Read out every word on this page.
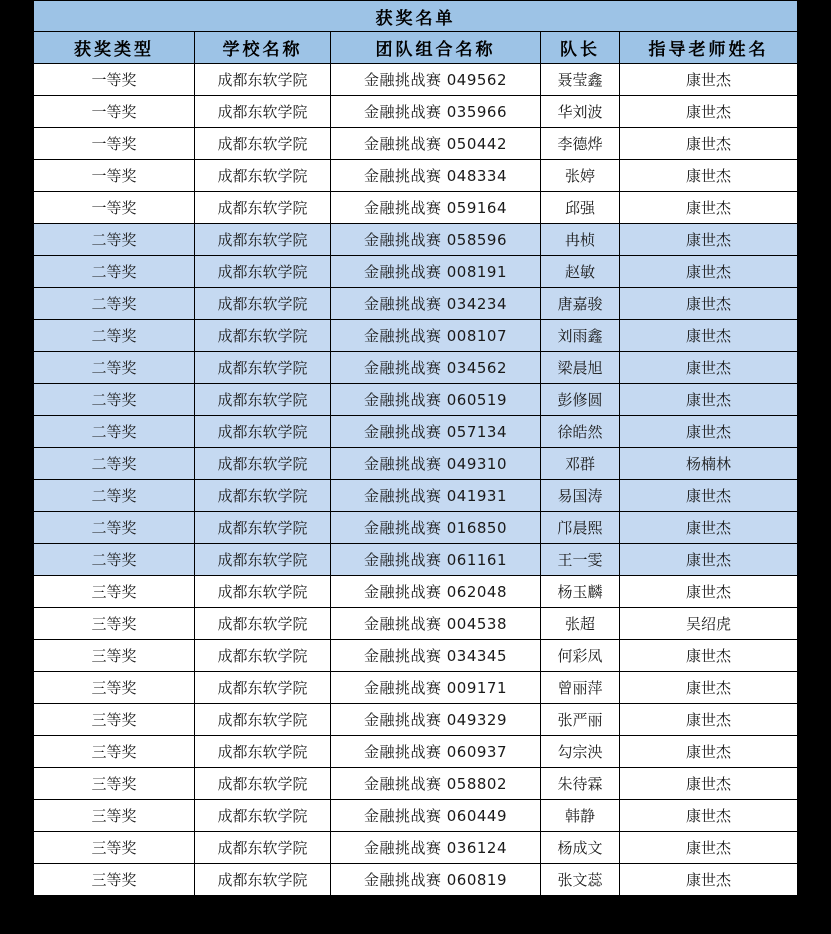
获奖名单				
获奖类型	学校名称	团队组合名称	队长	指导老师姓名
一等奖	成都东软学院	金融挑战赛 049562	聂莹鑫	康世杰
一等奖	成都东软学院	金融挑战赛 035966	华刘波	康世杰
一等奖	成都东软学院	金融挑战赛 050442	李德烨	康世杰
一等奖	成都东软学院	金融挑战赛 048334	张婷	康世杰
一等奖	成都东软学院	金融挑战赛 059164	邱强	康世杰
二等奖	成都东软学院	金融挑战赛 058596	冉桢	康世杰
二等奖	成都东软学院	金融挑战赛 008191	赵敏	康世杰
二等奖	成都东软学院	金融挑战赛 034234	唐嘉骏	康世杰
二等奖	成都东软学院	金融挑战赛 008107	刘雨鑫	康世杰
二等奖	成都东软学院	金融挑战赛 034562	梁晨旭	康世杰
二等奖	成都东软学院	金融挑战赛 060519	彭修圆	康世杰
二等奖	成都东软学院	金融挑战赛 057134	徐皓然	康世杰
二等奖	成都东软学院	金融挑战赛 049310	邓群	杨楠林
二等奖	成都东软学院	金融挑战赛 041931	易国涛	康世杰
二等奖	成都东软学院	金融挑战赛 016850	邝晨熙	康世杰
二等奖	成都东软学院	金融挑战赛 061161	王一雯	康世杰
三等奖	成都东软学院	金融挑战赛 062048	杨玉麟	康世杰
三等奖	成都东软学院	金融挑战赛 004538	张超	吴绍虎
三等奖	成都东软学院	金融挑战赛 034345	何彩凤	康世杰
三等奖	成都东软学院	金融挑战赛 009171	曾丽萍	康世杰
三等奖	成都东软学院	金融挑战赛 049329	张严丽	康世杰
三等奖	成都东软学院	金融挑战赛 060937	勾宗泱	康世杰
三等奖	成都东软学院	金融挑战赛 058802	朱待霖	康世杰
三等奖	成都东软学院	金融挑战赛 060449	韩静	康世杰
三等奖	成都东软学院	金融挑战赛 036124	杨成文	康世杰
三等奖	成都东软学院	金融挑战赛 060819	张文蕊	康世杰
